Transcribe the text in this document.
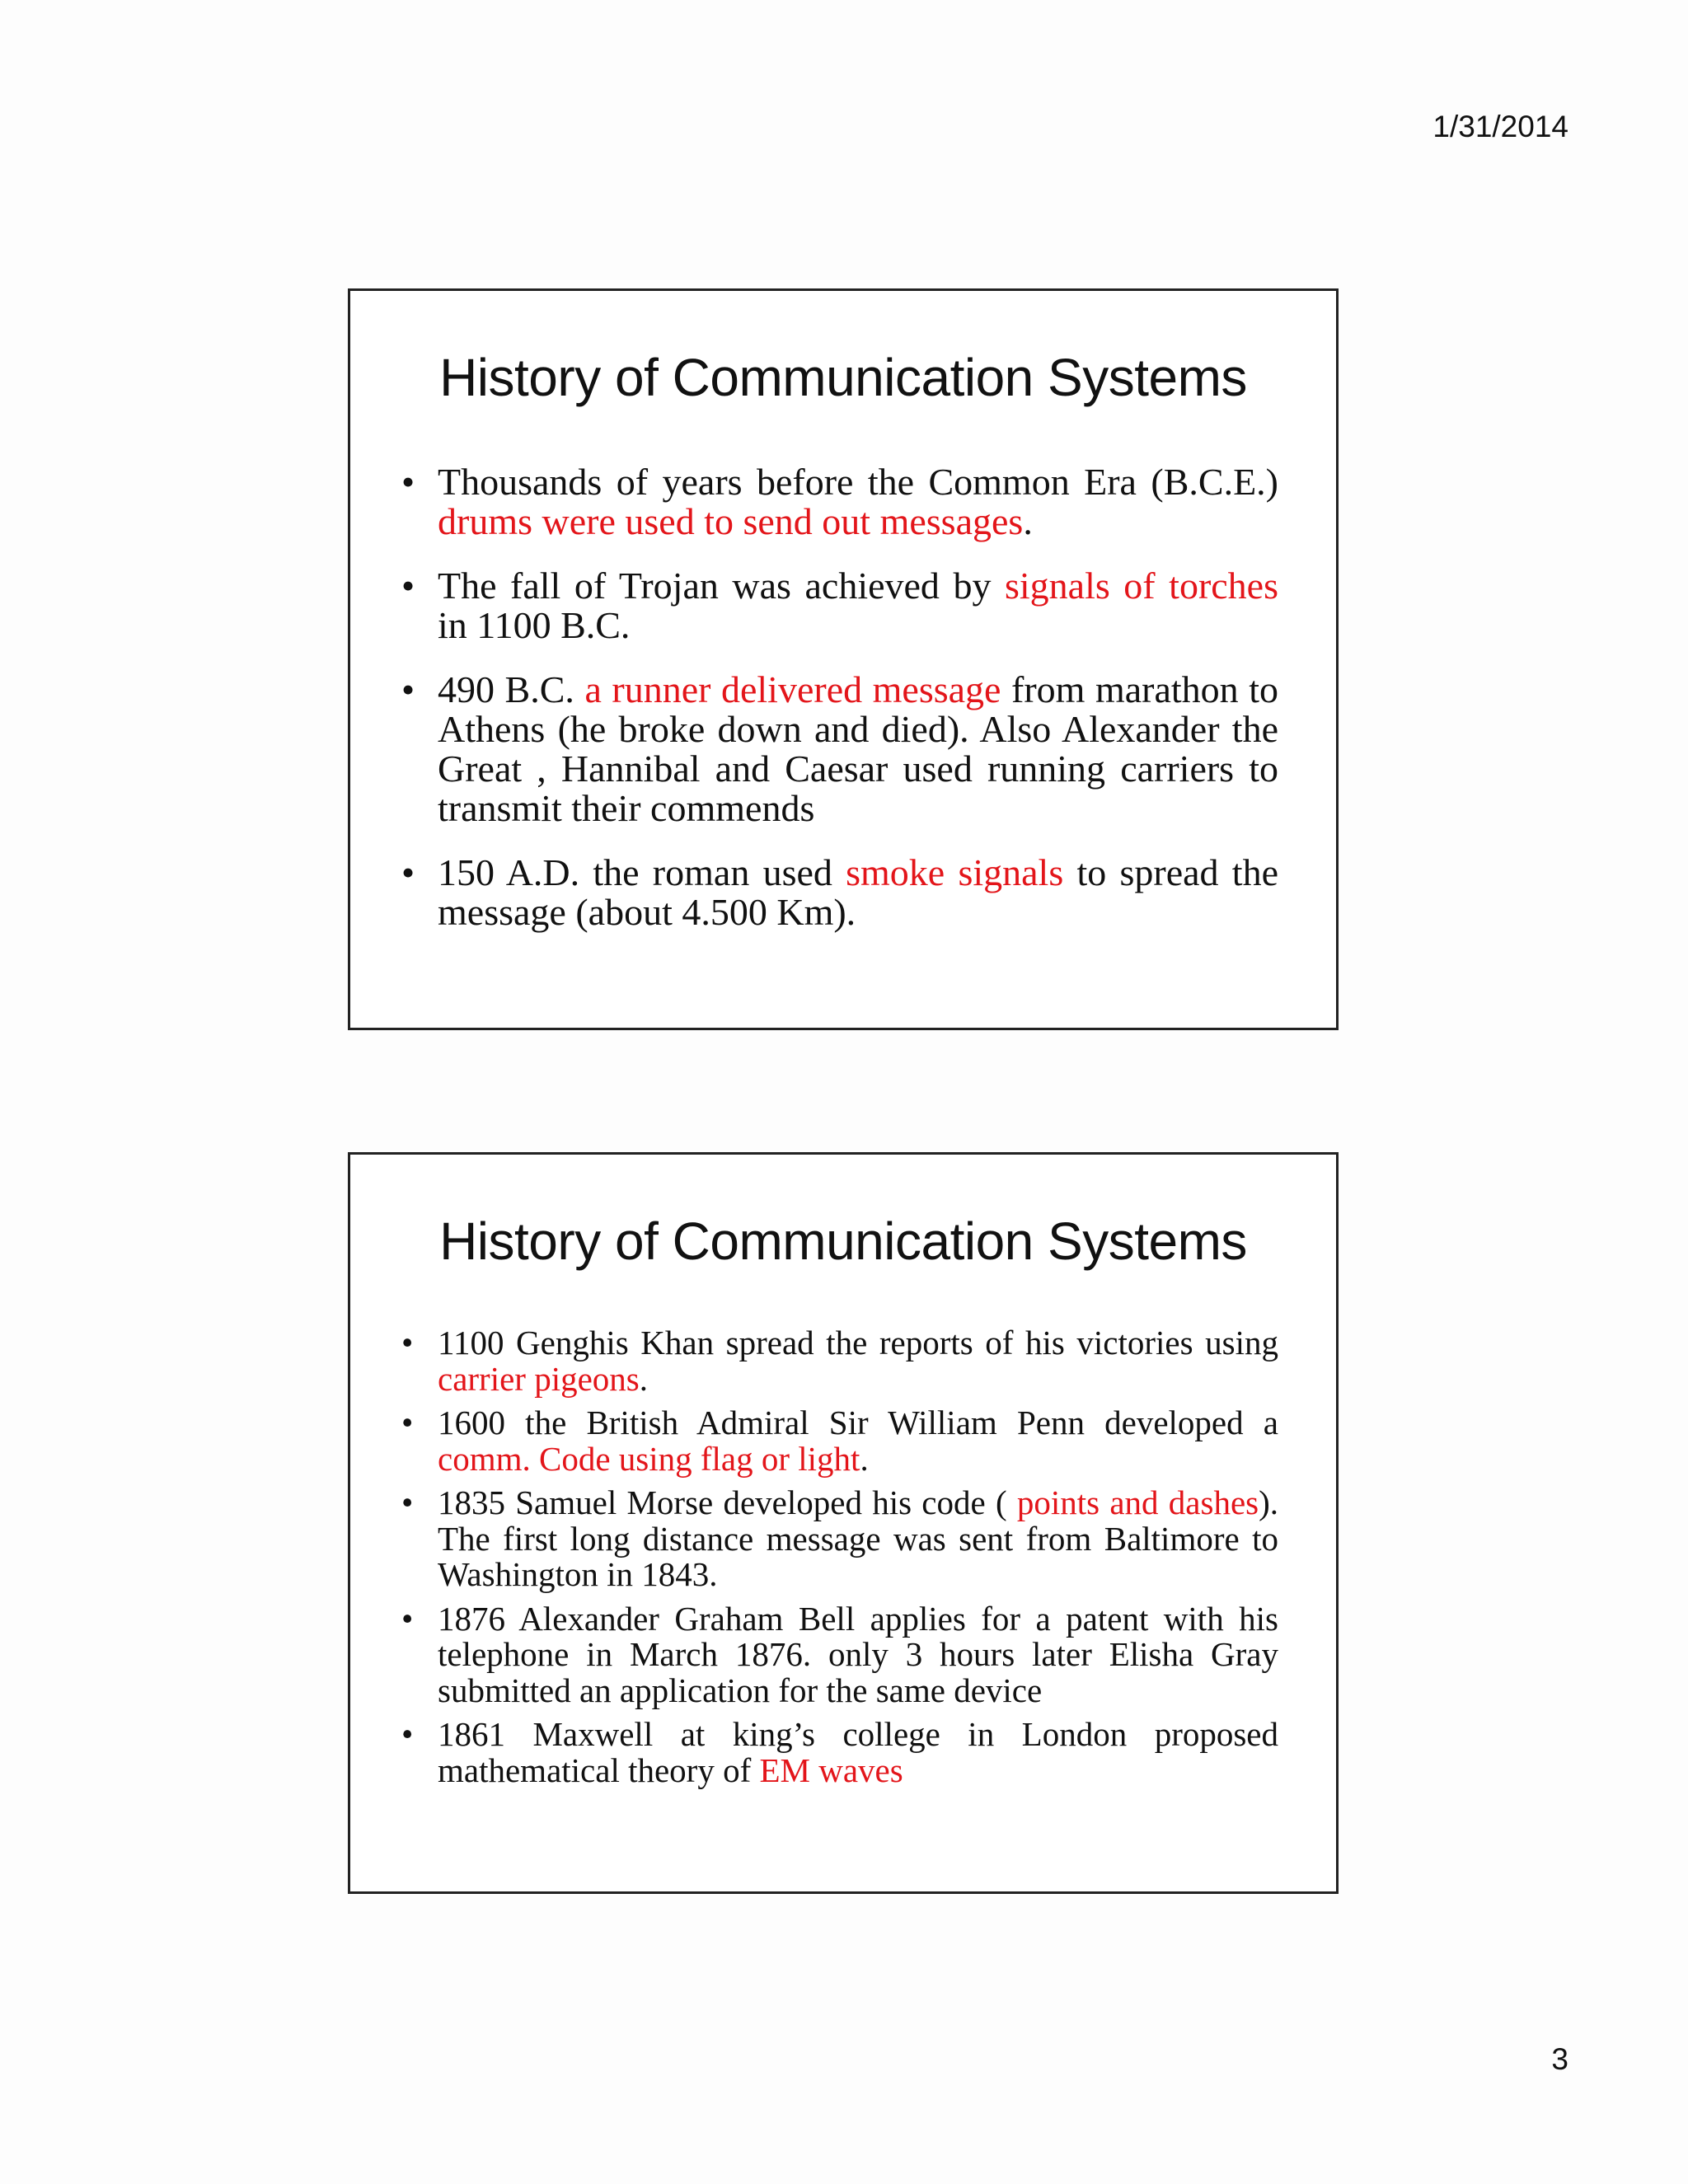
1/31/2014
History of Communication Systems
• Thousands of years before the Common Era (B.C.E.) drums were used to send out messages.
• The fall of Trojan was achieved by signals of torches in 1100 B.C.
• 490 B.C. a runner delivered message from marathon to Athens (he broke down and died). Also Alexander the Great , Hannibal and Caesar used running carriers to transmit their commends
• 150 A.D. the roman used smoke signals to spread the message (about 4.500 Km).
History of Communication Systems
• 1100 Genghis Khan spread the reports of his victories using carrier pigeons.
• 1600 the British Admiral Sir William Penn developed a comm. Code using flag or light.
• 1835 Samuel Morse developed his code ( points and dashes). The first long distance message was sent from Baltimore to Washington in 1843.
• 1876 Alexander Graham Bell applies for a patent with his telephone in March 1876. only 3 hours later Elisha Gray submitted an application for the same device
• 1861 Maxwell at king’s college in London proposed mathematical theory of EM waves
3
